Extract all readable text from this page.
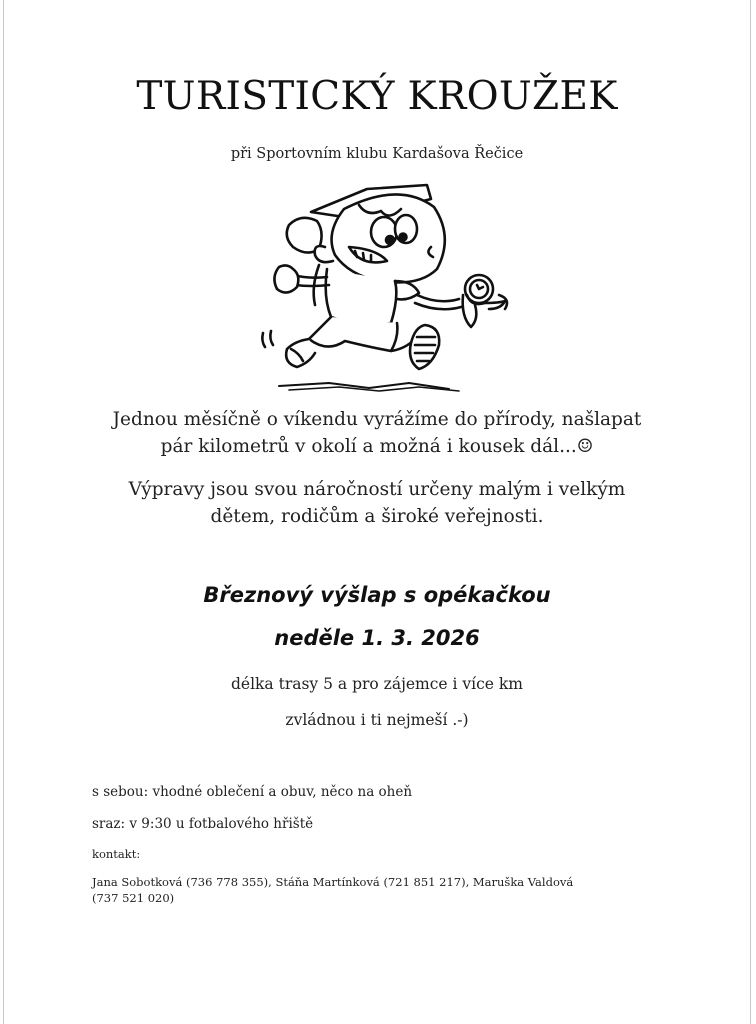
TURISTICKÝ KROUŽEK
při Sportovním klubu Kardašova Řečice
Jednou měsíčně o víkendu vyrážíme do přírody, našlapat
pár kilometrů v okolí a možná i kousek dál...☺
Výpravy jsou svou náročností určeny malým i velkým
dětem, rodičům a široké veřejnosti.
Březnový výšlap s opékačkou
neděle 1. 3. 2026
délka trasy 5 a pro zájemce i více km
zvládnou i ti nejmeší .-)
s sebou: vhodné oblečení a obuv, něco na oheň
sraz: v 9:30 u fotbalového hřiště
kontakt:
Jana Sobotková (736 778 355), Stáňa Martínková (721 851 217), Maruška Valdová
(737 521 020)
